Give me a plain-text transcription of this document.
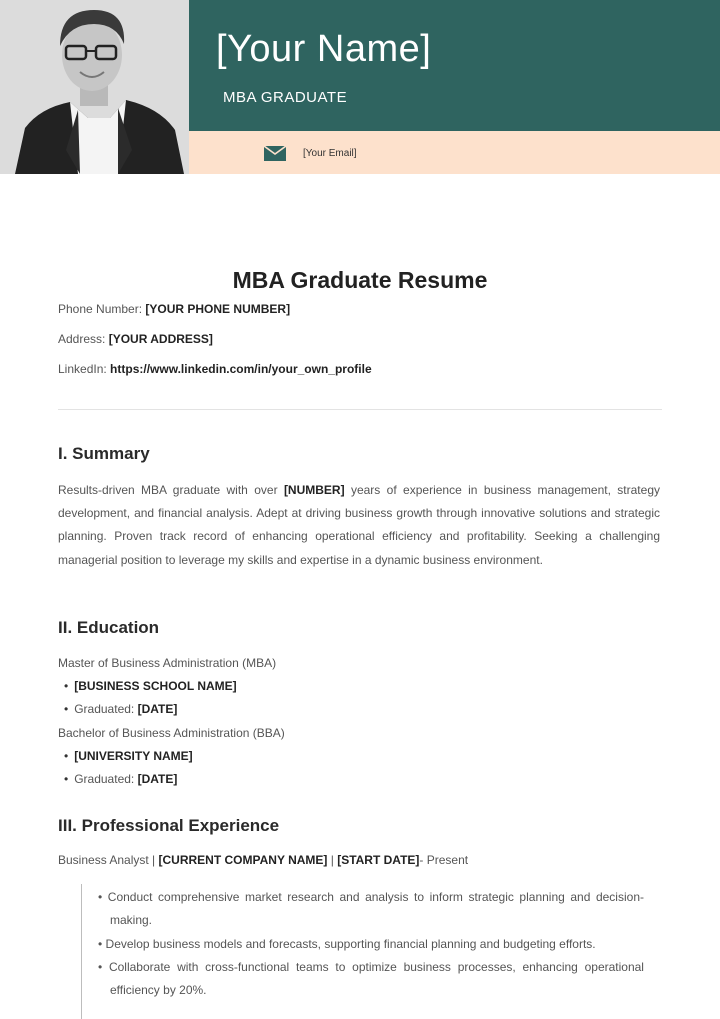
[Your Name]
MBA GRADUATE
[Your Email]
MBA Graduate Resume
Phone Number: [YOUR PHONE NUMBER]
Address: [YOUR ADDRESS]
LinkedIn: https://www.linkedin.com/in/your_own_profile
I. Summary
Results-driven MBA graduate with over [NUMBER] years of experience in business management, strategy development, and financial analysis. Adept at driving business growth through innovative solutions and strategic planning. Proven track record of enhancing operational efficiency and profitability. Seeking a challenging managerial position to leverage my skills and expertise in a dynamic business environment.
II. Education
Master of Business Administration (MBA)
• [BUSINESS SCHOOL NAME]
• Graduated: [DATE]
Bachelor of Business Administration (BBA)
• [UNIVERSITY NAME]
• Graduated: [DATE]
III. Professional Experience
Business Analyst | [CURRENT COMPANY NAME] | [START DATE]- Present
• Conduct comprehensive market research and analysis to inform strategic planning and decision-making.
• Develop business models and forecasts, supporting financial planning and budgeting efforts.
• Collaborate with cross-functional teams to optimize business processes, enhancing operational efficiency by 20%.
